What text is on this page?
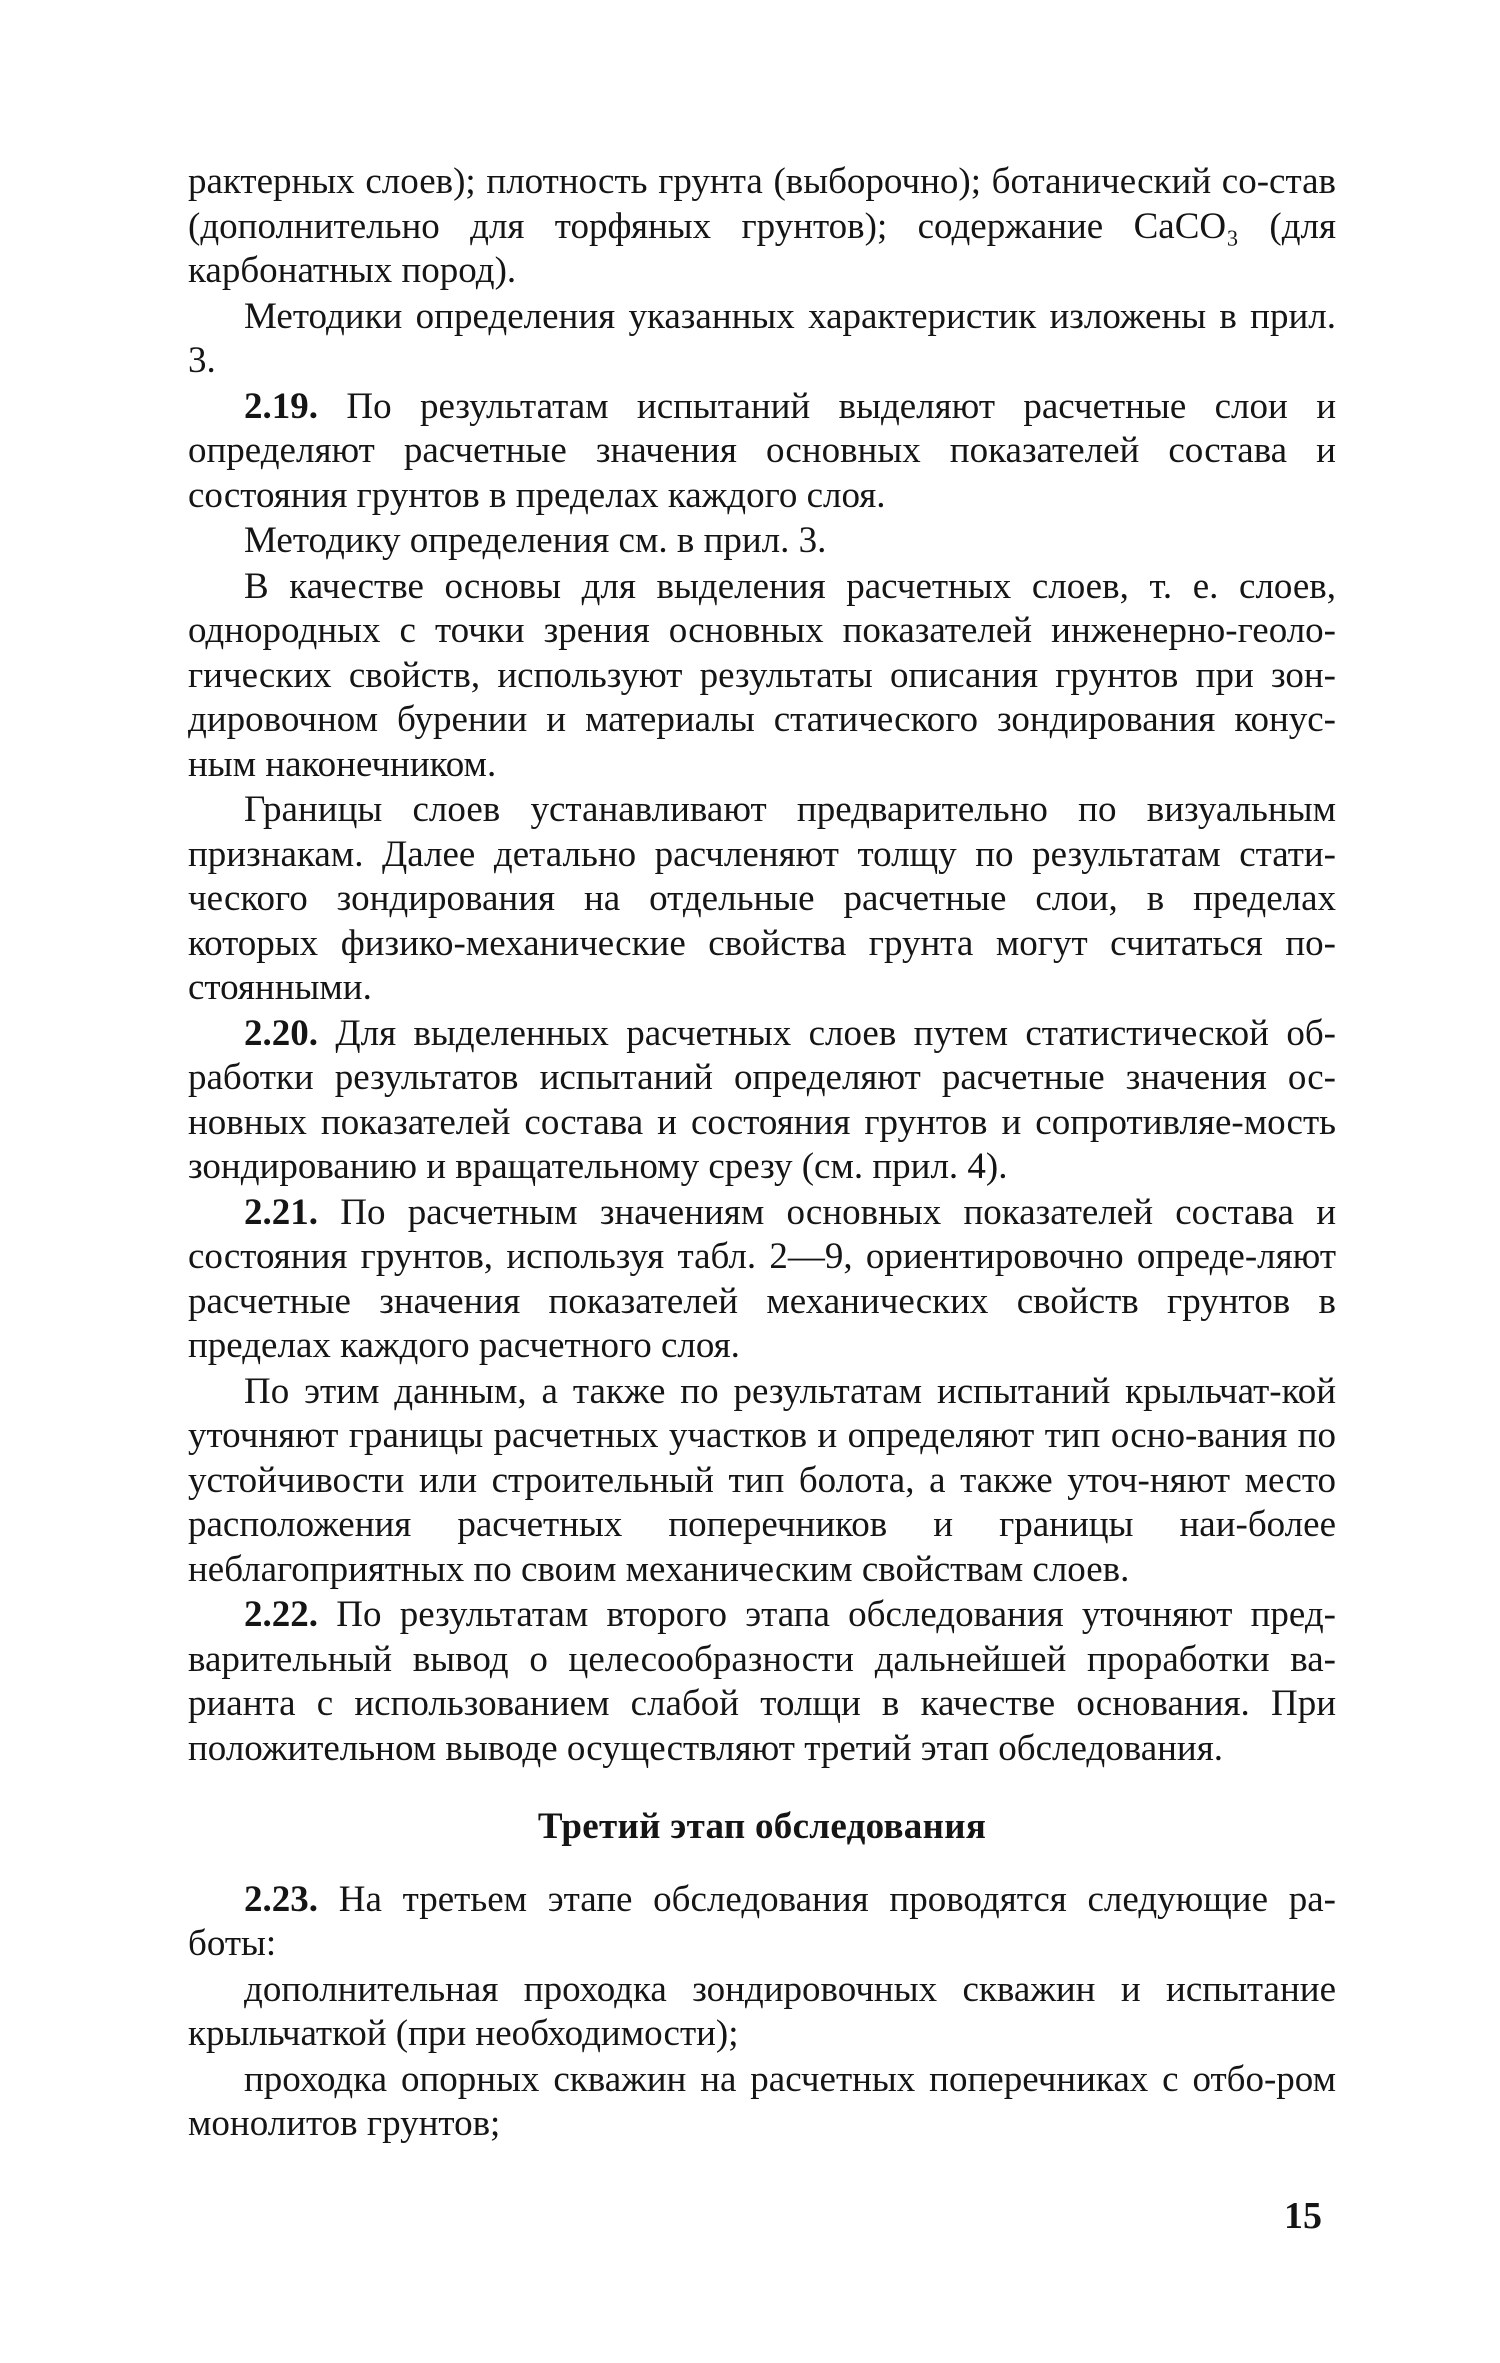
рактерных слоев); плотность грунта (выборочно); ботанический со-став (дополнительно для торфяных грунтов); содержание CaCO₃ (для карбонатных пород).

Методики определения указанных характеристик изложены в прил. 3.

2.19. По результатам испытаний выделяют расчетные слои и определяют расчетные значения основных показателей состава и состояния грунтов в пределах каждого слоя.

Методику определения см. в прил. 3.

В качестве основы для выделения расчетных слоев, т. е. слоев, однородных с точки зрения основных показателей инженерно-геоло-гических свойств, используют результаты описания грунтов при зон-дировочном бурении и материалы статического зондирования конус-ным наконечником.

Границы слоев устанавливают предварительно по визуальным признакам. Далее детально расчленяют толщу по результатам стати-ческого зондирования на отдельные расчетные слои, в пределах которых физико-механические свойства грунта могут считаться по-стоянными.

2.20. Для выделенных расчетных слоев путем статистической об-работки результатов испытаний определяют расчетные значения ос-новных показателей состава и состояния грунтов и сопротивляе-мость зондированию и вращательному срезу (см. прил. 4).

2.21. По расчетным значениям основных показателей состава и состояния грунтов, используя табл. 2—9, ориентировочно опреде-ляют расчетные значения показателей механических свойств грунтов в пределах каждого расчетного слоя.

По этим данным, а также по результатам испытаний крыльчат-кой уточняют границы расчетных участков и определяют тип осно-вания по устойчивости или строительный тип болота, а также уточ-няют место расположения расчетных поперечников и границы наи-более неблагоприятных по своим механическим свойствам слоев.

2.22. По результатам второго этапа обследования уточняют пред-варительный вывод о целесообразности дальнейшей проработки ва-рианта с использованием слабой толщи в качестве основания. При положительном выводе осуществляют третий этап обследования.

Третий этап обследования

2.23. На третьем этапе обследования проводятся следующие ра-боты:

дополнительная проходка зондировочных скважин и испытание крыльчаткой (при необходимости);

проходка опорных скважин на расчетных поперечниках с отбо-ром монолитов грунтов;

15
